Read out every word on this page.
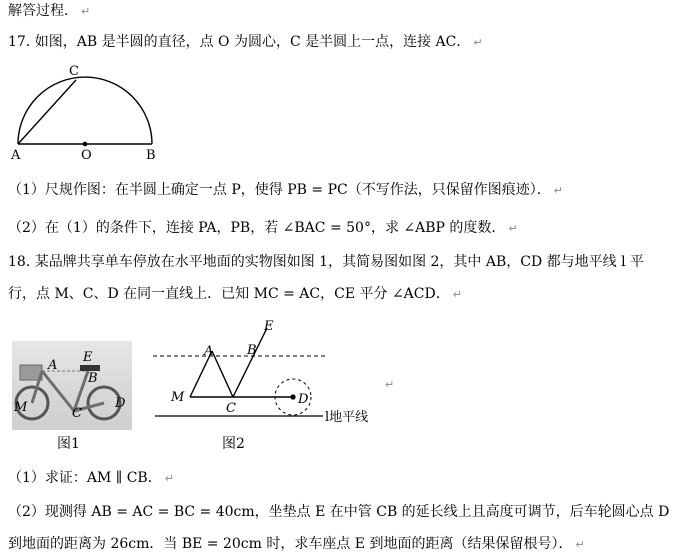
解答过程． ↵
17. 如图，AB 是半圆的直径，点 O 为圆心，C 是半圆上一点，连接 AC． ↵
C
A	O	B
（1）尺规作图：在半圆上确定一点 P，使得 PB = PC（不写作法，只保留作图痕迹）． ↵
（2）在（1）的条件下，连接 PA，PB，若 ∠BAC = 50°，求 ∠ABP 的度数． ↵
18. 某品牌共享单车停放在水平地面的实物图如图 1，其简易图如图 2，其中 AB，CD 都与地平线 l 平
行，点 M、C、D 在同一直线上．已知 MC = AC，CE 平分 ∠ACD． ↵
A
E
B
M	C
D
图1
E
A	B
M
C
D
l地平线
图2
↵
（1）求证：AM ∥ CB． ↵
（2）现测得 AB = AC = BC = 40cm，坐垫点 E 在中管 CB 的延长线上且高度可调节，后车轮圆心点 D
到地面的距离为 26cm．当 BE = 20cm 时，求车座点 E 到地面的距离（结果保留根号）． ↵
